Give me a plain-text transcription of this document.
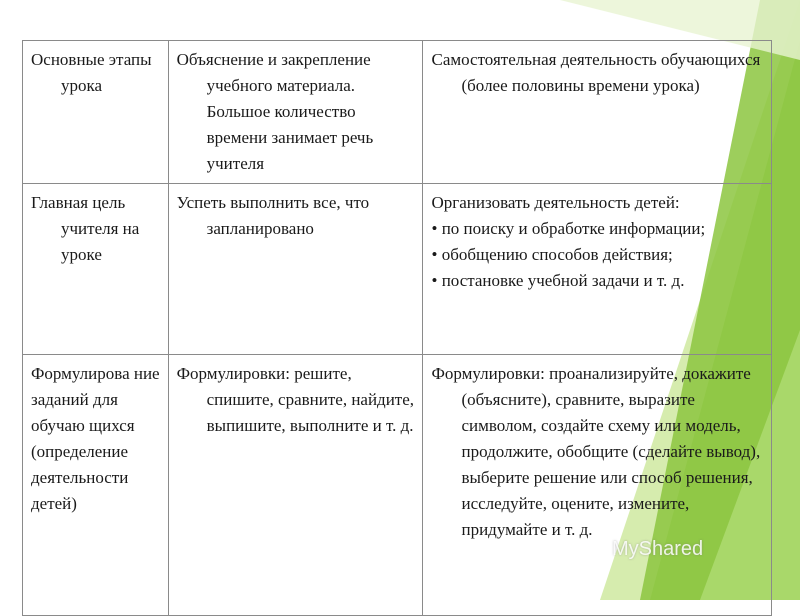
Основные этапы урока	Объяснение и закрепление учебного материала. Большое количество времени занимает речь учителя	Самостоятельная деятельность обучающихся (более половины времени урока)

Главная цель учителя на уроке	Успеть выполнить все, что запланировано	Организовать деятельность детей:

• по поиску и обработке информации;

• обобщению способов действия;

• постановке учебной задачи и т. д.

Формулирова ние заданий для обучаю щихся (определение деятельности детей)	Формулировки: решите, спишите, сравните, найдите, выпишите, выполните и т. д.	Формулировки: проанализируйте, докажите (объясните), сравните, выразите символом, создайте схему или модель, продолжите, обобщите (сделайте вывод), выберите решение или способ решения, исследуйте, оцените, измените, придумайте и т. д.

MyShared
